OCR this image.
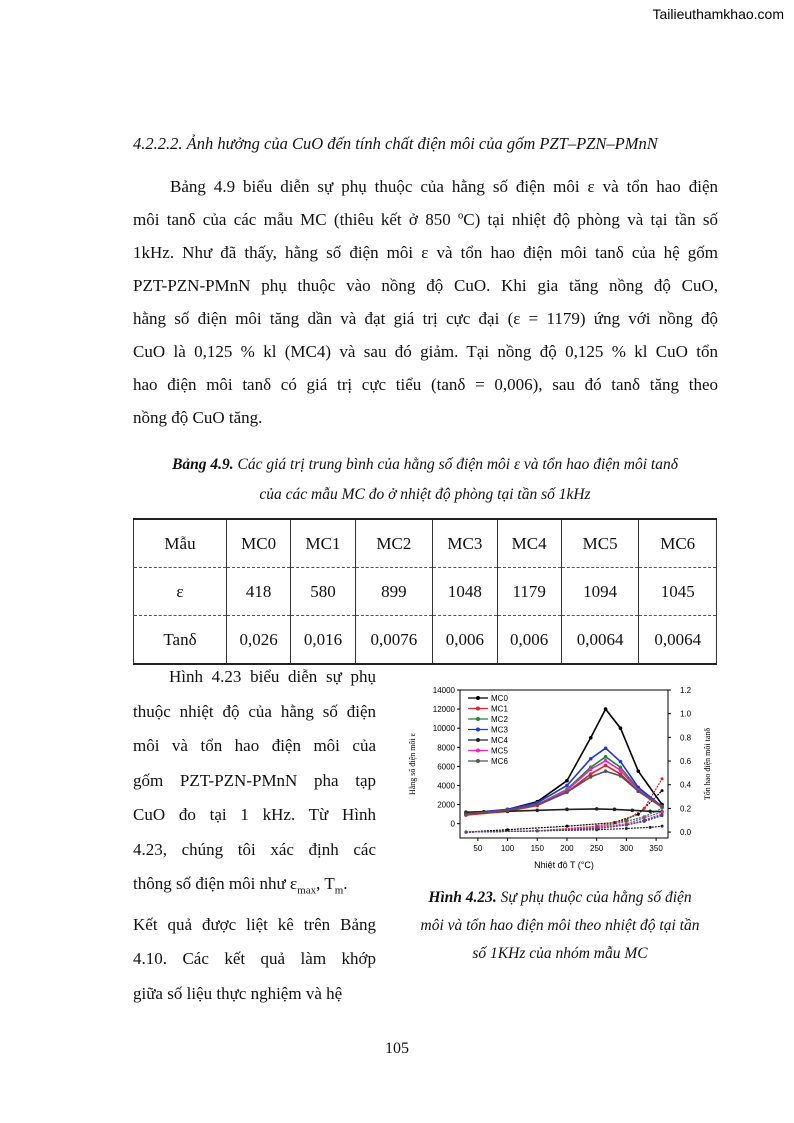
Tailieuthamkhao.com
4.2.2.2. Ảnh hưởng của CuO đến tính chất điện môi của gốm PZT–PZN–PMnN
Bảng 4.9 biểu diễn sự phụ thuộc của hằng số điện môi ε và tổn hao điện
môi tanδ của các mẫu MC (thiêu kết ở 850 ºC) tại nhiệt độ phòng và tại tần số
1kHz. Như đã thấy, hằng số điện môi ε và tổn hao điện môi tanδ của hệ gốm
PZT-PZN-PMnN phụ thuộc vào nồng độ CuO. Khi gia tăng nồng độ CuO,
hằng số điện môi tăng dần và đạt giá trị cực đại (ε = 1179) ứng với nồng độ
CuO là 0,125 % kl (MC4) và sau đó giảm. Tại nồng độ 0,125 % kl CuO tổn
hao điện môi tanδ có giá trị cực tiểu (tanδ = 0,006), sau đó tanδ tăng theo
nồng độ CuO tăng.
Bảng 4.9. Các giá trị trung bình của hằng số điện môi ε và tổn hao điện môi tanδ
của các mẫu MC đo ở nhiệt độ phòng tại tần số 1kHz
Mẫu	MC0	MC1	MC2	MC3	MC4	MC5	MC6
ε	418	580	899	1048	1179	1094	1045
Tanδ	0,026	0,016	0,0076	0,006	0,006	0,0064	0,0064
Hình 4.23 biểu diễn sự phụ
thuộc nhiệt độ của hằng số điện
môi và tổn hao điện môi của
gốm PZT-PZN-PMnN pha tạp
CuO đo tại 1 kHz. Từ Hình
4.23, chúng tôi xác định các
thông số điện môi như $\varepsilon_{max}$, $T_m$.
Kết quả được liệt kê trên Bảng
4.10. Các kết quả làm khớp
giữa số liệu thực nghiệm và hệ
0
2000
4000
6000
8000
10000
12000
14000
0.0
0.2
0.4
0.6
0.8
1.0
1.2
50 100 150 200 250 300 350
Nhiệt độ T (°C)
Hằng số điện môi ε	Tổn hao điện môi tanδ
MC0
MC1
MC2
MC3
MC4
MC5
MC6
Hình 4.23. Sự phụ thuộc của hằng số điện
môi và tổn hao điện môi theo nhiệt độ tại tần
số 1KHz của nhóm mẫu MC
105
